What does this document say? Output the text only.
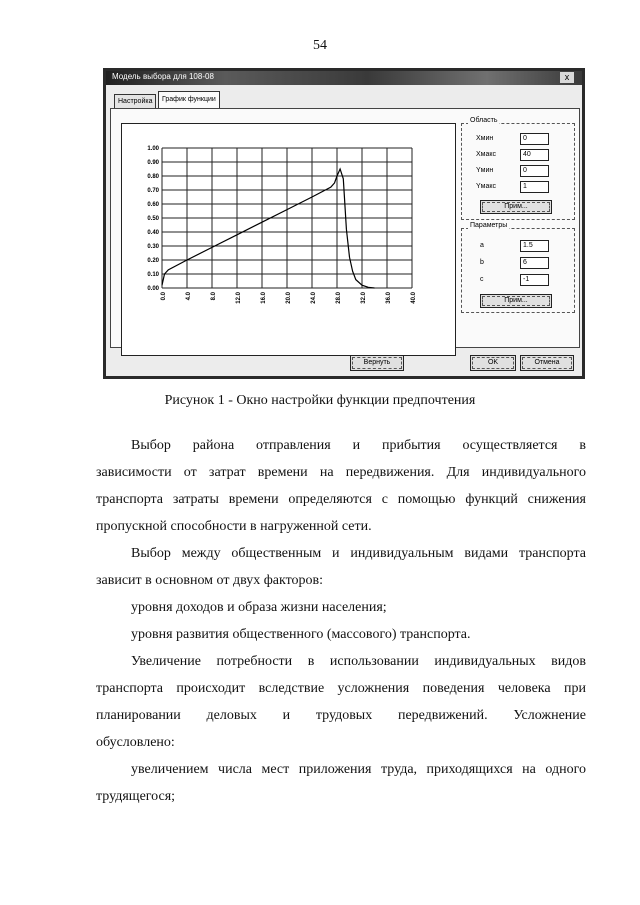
54
Модель выбора для 108-08	x
Настройка	График функции
0.0	4.0	8.0	12.0	16.0	20.0	24.0	28.0	32.0	36.0	40.0
0.00
0.10
0.20
0.30
0.40
0.50
0.60
0.70
0.80
0.90
1.00
Область
Xмин	0
Xмакс	40
Yмин	0
Yмакс	1
Прим...
Параметры
a	1.5
b	6
c	-1
Прим...
Вернуть	OK	Отмена
Рисунок 1 - Окно настройки функции предпочтения
Выбор района отправления и прибытия осуществляется в
зависимости от затрат времени на передвижения. Для индивидуального
транспорта затраты времени определяются с помощью функций снижения
пропускной способности в нагруженной сети.
Выбор между общественным и индивидуальным видами транспорта
зависит в основном от двух факторов:
уровня доходов и образа жизни населения;
уровня развития общественного (массового) транспорта.
Увеличение потребности в использовании индивидуальных видов
транспорта происходит вследствие усложнения поведения человека при
планировании деловых и трудовых передвижений. Усложнение
обусловлено:
увеличением числа мест приложения труда, приходящихся на одного
трудящегося;
